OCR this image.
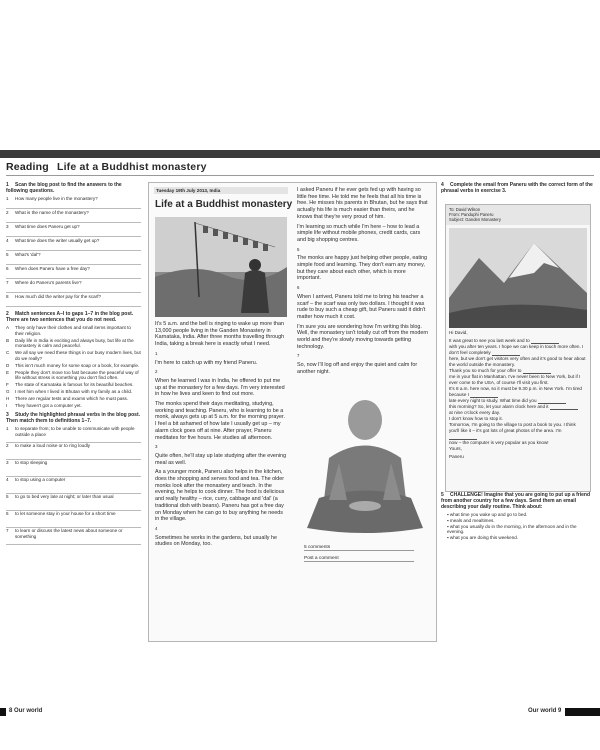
Reading Life at a Buddhist monastery
1 Scan the blog post to find the answers to the following questions.
1 How many people live in the monastery?
2 What is the name of the monastery?
3 What time does Paneru get up?
4 What time does the writer usually get up?
5 What's 'dal'?
6 When does Paneru have a free day?
7 Where do Paneru's parents live?
8 How much did the writer pay for the scarf?
2 Match sentences A–I to gaps 1–7 in the blog post. There are two sentences that you do not need.
A They only have their clothes and small items important to their religion.
B Daily life in India is exciting and always busy, but life at the monastery is calm and peaceful.
C We all say we need these things in our busy modern lives, but do we really?
D This isn't much money for some soap or a book, for example.
E People they don't move too fast because the peaceful way of life without stress is something you don't find often.
F The state of Karnataka is famous for its beautiful beaches.
G I met him when I lived in Bhutan with my family as a child.
H There are regular tests and exams which he must pass.
I They haven't got a computer yet.
3 Study the highlighted phrasal verbs in the blog post. Then match them to definitions 1–7.
1 to separate from; to be unable to communicate with people outside a place
2 to make a loud noise or to ring loudly
3 to stop sleeping
4 to stop using a computer
5 to go to bed very late at night; or later than usual
6 to let someone stay in your house for a short time
7 to learn or discuss the latest news about someone or something
Tuesday 19th July 2013, India
Life at a Buddhist monastery

It's 5 a.m. and the bell is ringing to wake up more than 13,000 people living in the Ganden Monastery in Karnataka, India. After three months travelling through India, taking a break here is exactly what I need.

1

I'm here to catch up with my friend Paneru.

2

When he learned I was in India, he offered to put me up at the monastery for a few days. I'm very interested in how he lives and keen to find out more.

The monks spend their days meditating, studying, working and teaching. Paneru, who is learning to be a monk, always gets up at 5 a.m. for the morning prayer. I feel a bit ashamed of how late I usually get up – my alarm clock goes off at nine. After prayer, Paneru meditates for five hours. He studies all afternoon.

3

Quite often, he'll stay up late studying after the evening meal as well.

As a younger monk, Paneru also helps in the kitchen, does the shopping and serves food and tea. The older monks look after the monastery and teach. In the evening, he helps to cook dinner. The food is delicious and really healthy – rice, curry, cabbage and 'dal' (a traditional dish with beans). Paneru has got a free day on Monday when he can go to buy anything he needs in the village.

4

Sometimes he works in the gardens, but usually he studies on Monday, too.

I asked Paneru if he ever gets fed up with having so little free time. He told me he feels that all his time is free. He misses his parents in Bhutan, but he says that actually his life is much easier than theirs, and he knows that they're very proud of him.

I'm learning so much while I'm here – how to lead a simple life without mobile phones, credit cards, cars and big shopping centres.

5

The monks are happy just helping other people, eating simple food and learning. They don't earn any money, but they care about each other, which is more important.

6

When I arrived, Paneru told me to bring his teacher a scarf – the scarf was only two dollars. I thought it was rude to buy such a cheap gift, but Paneru said it didn't matter how much it cost.

I'm sure you are wondering how I'm writing this blog. Well, the monastery isn't totally cut off from the modern world and they're slowly moving towards getting technology.

7

So, now I'll log off and enjoy the quiet and calm for another night.

5 comments
Post a comment
4 Complete the email from Paneru with the correct form of the phrasal verbs in exercise 3.
To: David Wilson
From: Panduphi Paneru
Subject: Ganden Monastery

Hi David,

It was great to see you last week and to
with you after ten years. I hope we can keep in touch more often. I don't feel completely
here, but we don't get visitors very often and it's good to hear about the world outside the monastery.
Thank you so much for your offer to
me in your flat in Manhattan. I've never been to New York, but if I ever come to the USA, of course I'll visit you first.
It's 8 a.m. here now, so it must be 9.30 p.m. in New York. I'm tired because I
late every night to study. What time did you
this morning? So, let your alarm clock here and it
at nine o'clock every day.
I don't know how to stop it.
Tomorrow, I'm going to the village to post a book to you. I think you'll like it – it's got lots of great photos of the area. I'm
now – the computer is very popular as you know!

Yours,

Paneru

5 CHALLENGE! Imagine that you are going to put up a friend from another country for a few days. Send them an email describing your daily routine. Think about:
▪ what time you wake up and go to bed.
▪ meals and mealtimes.
▪ what you usually do in the morning, in the afternoon and in the evening.
▪ what you are doing this weekend.
8 Our world	Our world 9
